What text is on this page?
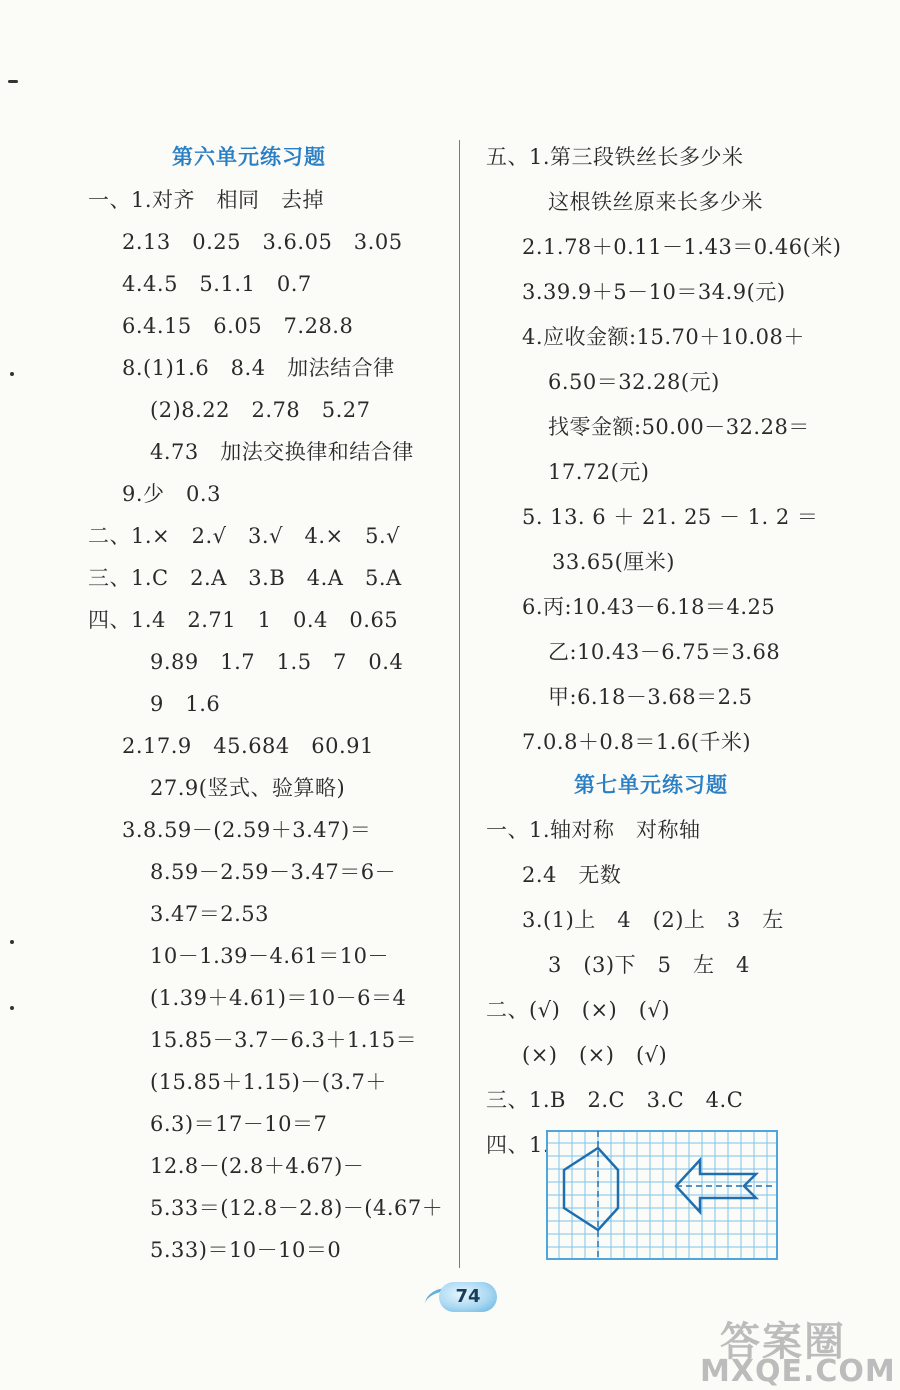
第六单元练习题
一、1.对齐　相同　去掉
2.13　0.25　3.6.05　3.05
4.4.5　5.1.1　0.7
6.4.15　6.05　7.28.8
8.(1)1.6　8.4　加法结合律
(2)8.22　2.78　5.27
4.73　加法交换律和结合律
9.少　0.3
二、1.×　2.√　3.√　4.×　5.√
三、1.C　2.A　3.B　4.A　5.A
四、1.4　2.71　1　0.4　0.65
9.89　1.7　1.5　7　0.4
9　1.6
2.17.9　45.684　60.91
27.9(竖式、验算略)
3.8.59－(2.59＋3.47)＝
8.59－2.59－3.47＝6－
3.47＝2.53
10－1.39－4.61＝10－
(1.39＋4.61)＝10－6＝4
15.85－3.7－6.3＋1.15＝
(15.85＋1.15)－(3.7＋
6.3)＝17－10＝7
12.8－(2.8＋4.67)－
5.33＝(12.8－2.8)－(4.67＋
5.33)＝10－10＝0
五、1.第三段铁丝长多少米
这根铁丝原来长多少米
2.1.78＋0.11－1.43＝0.46(米)
3.39.9＋5－10＝34.9(元)
4.应收金额:15.70＋10.08＋
6.50＝32.28(元)
找零金额:50.00－32.28＝
17.72(元)
5. 13. 6 ＋ 21. 25 － 1. 2 ＝
33.65(厘米)
6.丙:10.43－6.18＝4.25
乙:10.43－6.75＝3.68
甲:6.18－3.68＝2.5
7.0.8＋0.8＝1.6(千米)
第七单元练习题
一、1.轴对称　对称轴
2.4　无数
3.(1)上　4　(2)上　3　左
3　(3)下　5　左　4
二、(√)　(×)　(√)
(×)　(×)　(√)
三、1.B　2.C　3.C　4.C
四、1.
74
答案圈
MXQE.COM
